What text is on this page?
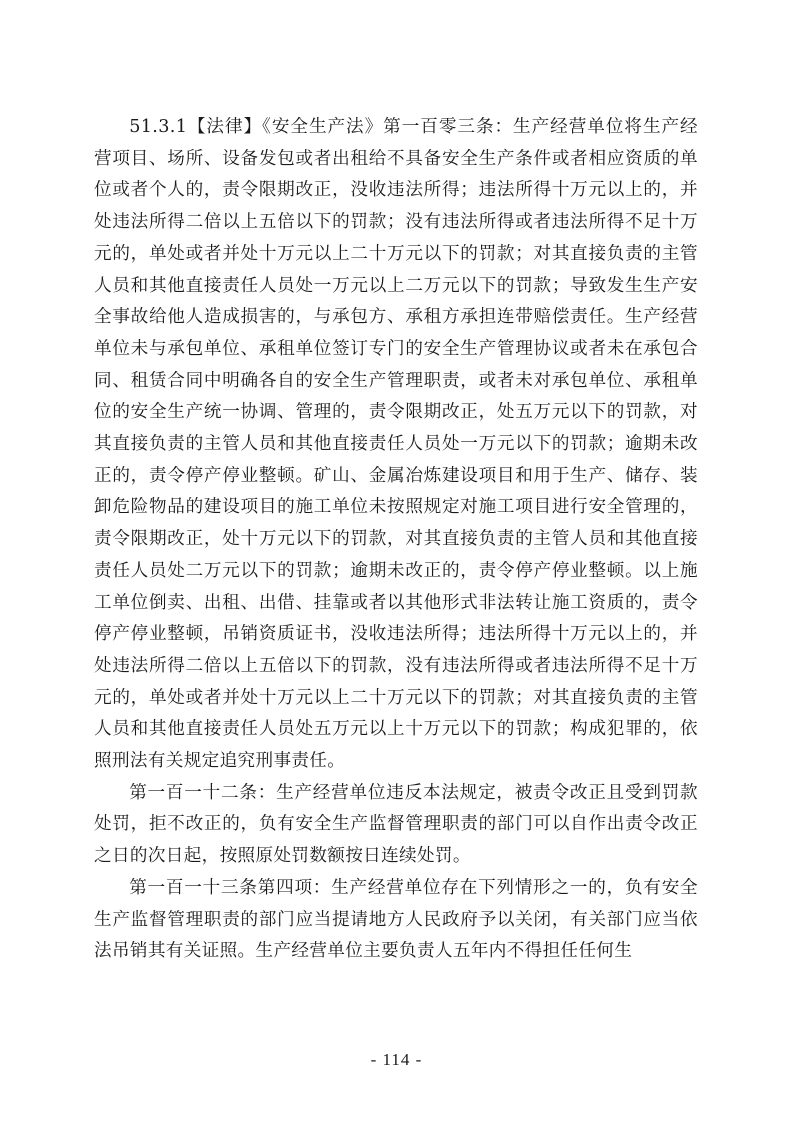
51.3.1【法律】《安全生产法》第一百零三条：生产经营单位将生产经营项目、场所、设备发包或者出租给不具备安全生产条件或者相应资质的单位或者个人的，责令限期改正，没收违法所得；违法所得十万元以上的，并处违法所得二倍以上五倍以下的罚款；没有违法所得或者违法所得不足十万元的，单处或者并处十万元以上二十万元以下的罚款；对其直接负责的主管人员和其他直接责任人员处一万元以上二万元以下的罚款；导致发生生产安全事故给他人造成损害的，与承包方、承租方承担连带赔偿责任。生产经营单位未与承包单位、承租单位签订专门的安全生产管理协议或者未在承包合同、租赁合同中明确各自的安全生产管理职责，或者未对承包单位、承租单位的安全生产统一协调、管理的，责令限期改正，处五万元以下的罚款，对其直接负责的主管人员和其他直接责任人员处一万元以下的罚款；逾期未改正的，责令停产停业整顿。矿山、金属冶炼建设项目和用于生产、储存、装卸危险物品的建设项目的施工单位未按照规定对施工项目进行安全管理的，责令限期改正，处十万元以下的罚款，对其直接负责的主管人员和其他直接责任人员处二万元以下的罚款；逾期未改正的，责令停产停业整顿。以上施工单位倒卖、出租、出借、挂靠或者以其他形式非法转让施工资质的，责令停产停业整顿，吊销资质证书，没收违法所得；违法所得十万元以上的，并处违法所得二倍以上五倍以下的罚款，没有违法所得或者违法所得不足十万元的，单处或者并处十万元以上二十万元以下的罚款；对其直接负责的主管人员和其他直接责任人员处五万元以上十万元以下的罚款；构成犯罪的，依照刑法有关规定追究刑事责任。

第一百一十二条：生产经营单位违反本法规定，被责令改正且受到罚款处罚，拒不改正的，负有安全生产监督管理职责的部门可以自作出责令改正之日的次日起，按照原处罚数额按日连续处罚。

第一百一十三条第四项：生产经营单位存在下列情形之一的，负有安全生产监督管理职责的部门应当提请地方人民政府予以关闭，有关部门应当依法吊销其有关证照。生产经营单位主要负责人五年内不得担任任何生

- 114 -
